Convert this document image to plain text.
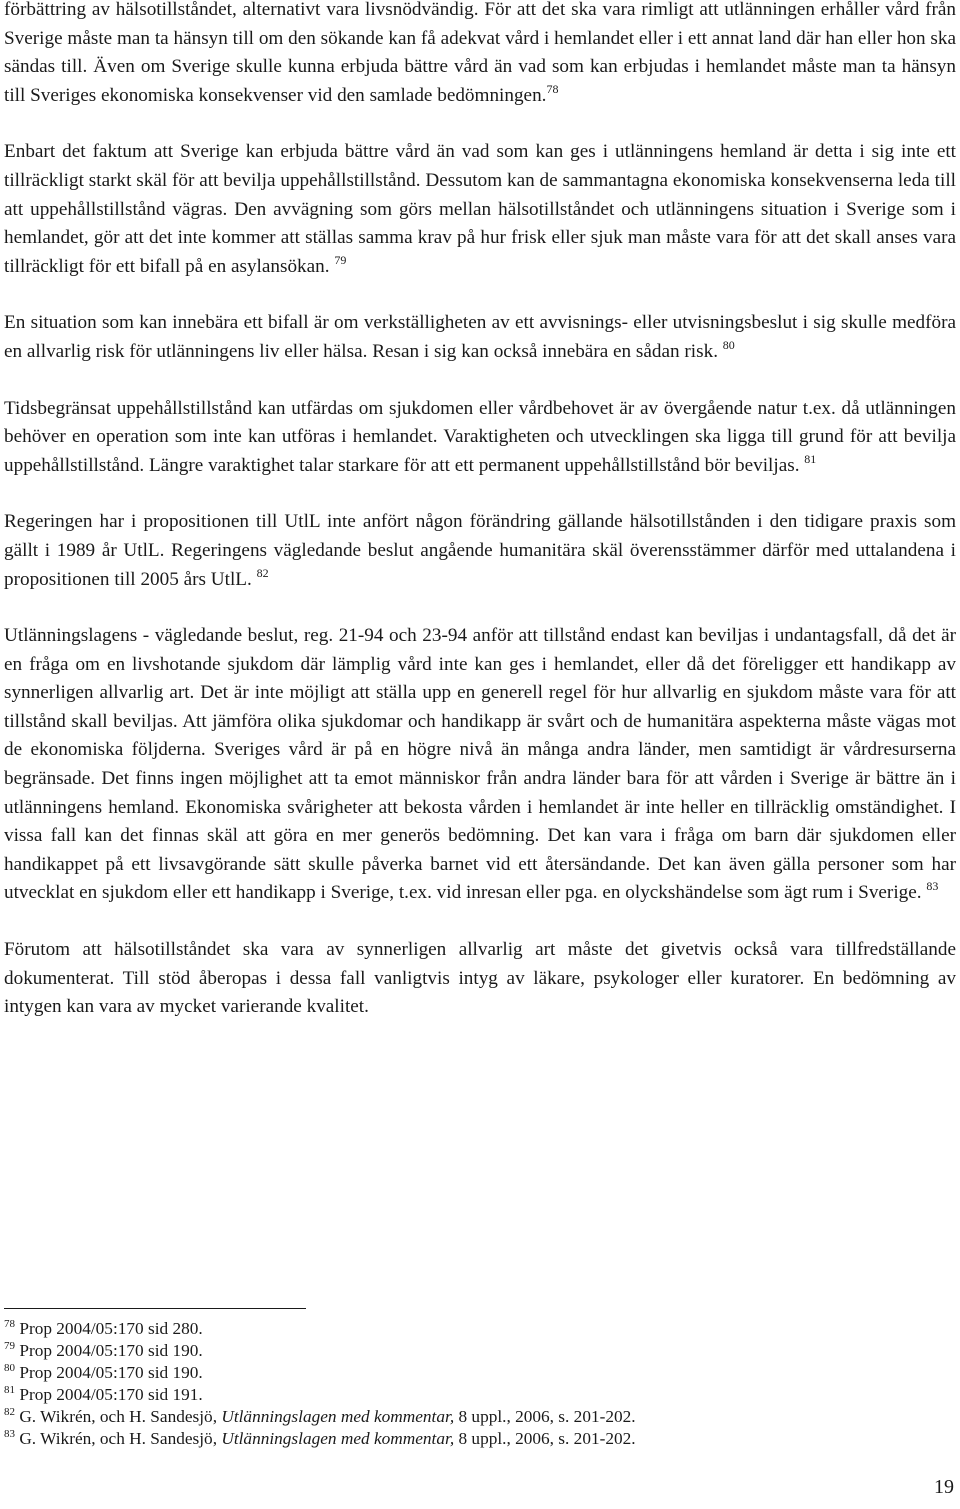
förbättring av hälsotillståndet, alternativt vara livsnödvändig. För att det ska vara rimligt att utlänningen erhåller vård från Sverige måste man ta hänsyn till om den sökande kan få adekvat vård i hemlandet eller i ett annat land där han eller hon ska sändas till. Även om Sverige skulle kunna erbjuda bättre vård än vad som kan erbjudas i hemlandet måste man ta hänsyn till Sveriges ekonomiska konsekvenser vid den samlade bedömningen.$^{78}$

Enbart det faktum att Sverige kan erbjuda bättre vård än vad som kan ges i utlänningens hemland är detta i sig inte ett tillräckligt starkt skäl för att bevilja uppehållstillstånd. Dessutom kan de sammantagna ekonomiska konsekvenserna leda till att uppehållstillstånd vägras. Den avvägning som görs mellan hälsotillståndet och utlänningens situation i Sverige som i hemlandet, gör att det inte kommer att ställas samma krav på hur frisk eller sjuk man måste vara för att det skall anses vara tillräckligt för ett bifall på en asylansökan. $^{79}$

En situation som kan innebära ett bifall är om verkställigheten av ett avvisnings- eller utvisningsbeslut i sig skulle medföra en allvarlig risk för utlänningens liv eller hälsa. Resan i sig kan också innebära en sådan risk. $^{80}$

Tidsbegränsat uppehållstillstånd kan utfärdas om sjukdomen eller vårdbehovet är av övergående natur t.ex. då utlänningen behöver en operation som inte kan utföras i hemlandet. Varaktigheten och utvecklingen ska ligga till grund för att bevilja uppehållstillstånd. Längre varaktighet talar starkare för att ett permanent uppehållstillstånd bör beviljas. $^{81}$

Regeringen har i propositionen till UtlL inte anfört någon förändring gällande hälsotillstånden i den tidigare praxis som gällt i 1989 år UtlL. Regeringens vägledande beslut angående humanitära skäl överensstämmer därför med uttalandena i propositionen till 2005 års UtlL. $^{82}$

Utlänningslagens - vägledande beslut, reg. 21-94 och 23-94 anför att tillstånd endast kan beviljas i undantagsfall, då det är en fråga om en livshotande sjukdom där lämplig vård inte kan ges i hemlandet, eller då det föreligger ett handikapp av synnerligen allvarlig art. Det är inte möjligt att ställa upp en generell regel för hur allvarlig en sjukdom måste vara för att tillstånd skall beviljas. Att jämföra olika sjukdomar och handikapp är svårt och de humanitära aspekterna måste vägas mot de ekonomiska följderna. Sveriges vård är på en högre nivå än många andra länder, men samtidigt är vårdresurserna begränsade. Det finns ingen möjlighet att ta emot människor från andra länder bara för att vården i Sverige är bättre än i utlänningens hemland. Ekonomiska svårigheter att bekosta vården i hemlandet är inte heller en tillräcklig omständighet. I vissa fall kan det finnas skäl att göra en mer generös bedömning. Det kan vara i fråga om barn där sjukdomen eller handikappet på ett livsavgörande sätt skulle påverka barnet vid ett återsändande. Det kan även gälla personer som har utvecklat en sjukdom eller ett handikapp i Sverige, t.ex. vid inresan eller pga. en olyckshändelse som ägt rum i Sverige. $^{83}$

Förutom att hälsotillståndet ska vara av synnerligen allvarlig art måste det givetvis också vara tillfredställande dokumenterat. Till stöd åberopas i dessa fall vanligtvis intyg av läkare, psykologer eller kuratorer. En bedömning av intygen kan vara av mycket varierande kvalitet.

$^{78}$ Prop 2004/05:170 sid 280.

$^{79}$ Prop 2004/05:170 sid 190.

$^{80}$ Prop 2004/05:170 sid 190.

$^{81}$ Prop 2004/05:170 sid 191.

$^{82}$ G. Wikrén, och H. Sandesjö, Utlänningslagen med kommentar, 8 uppl., 2006, s. 201-202.

$^{83}$ G. Wikrén, och H. Sandesjö, Utlänningslagen med kommentar, 8 uppl., 2006, s. 201-202.

19
